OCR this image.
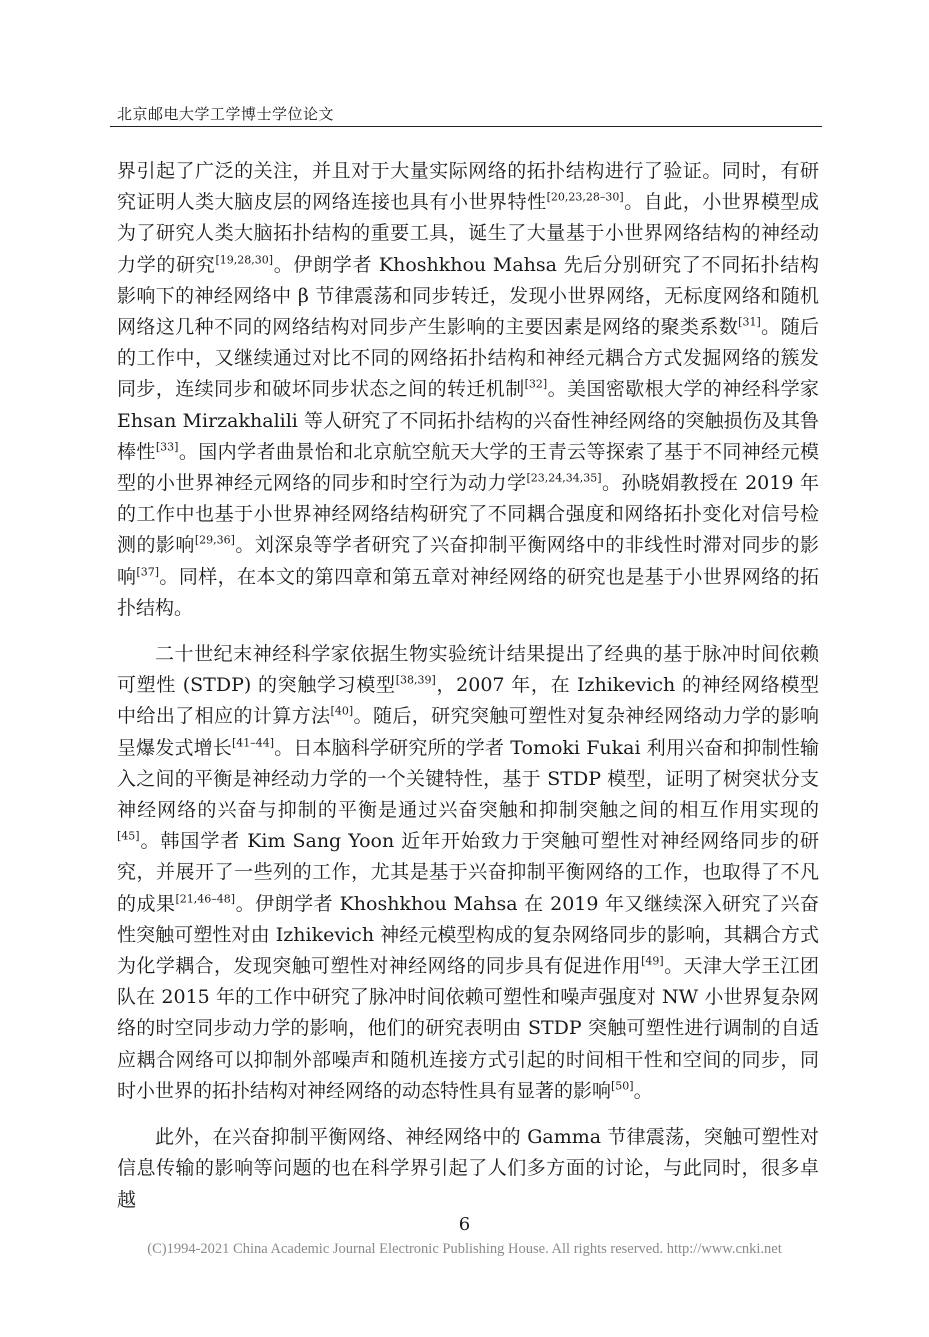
北京邮电大学工学博士学位论文

界引起了广泛的关注，并且对于大量实际网络的拓扑结构进行了验证。同时，有研究证明人类大脑皮层的网络连接也具有小世界特性[20,23,28–30]。自此，小世界模型成为了研究人类大脑拓扑结构的重要工具，诞生了大量基于小世界网络结构的神经动力学的研究[19,28,30]。伊朗学者 Khoshkhou Mahsa 先后分别研究了不同拓扑结构影响下的神经网络中 β 节律震荡和同步转迁，发现小世界网络，无标度网络和随机网络这几种不同的网络结构对同步产生影响的主要因素是网络的聚类系数[31]。随后的工作中，又继续通过对比不同的网络拓扑结构和神经元耦合方式发掘网络的簇发同步，连续同步和破坏同步状态之间的转迁机制[32]。美国密歇根大学的神经科学家 Ehsan Mirzakhalili 等人研究了不同拓扑结构的兴奋性神经网络的突触损伤及其鲁棒性[33]。国内学者曲景怡和北京航空航天大学的王青云等探索了基于不同神经元模型的小世界神经元网络的同步和时空行为动力学[23,24,34,35]。孙晓娟教授在 2019 年的工作中也基于小世界神经网络结构研究了不同耦合强度和网络拓扑变化对信号检测的影响[29,36]。刘深泉等学者研究了兴奋抑制平衡网络中的非线性时滞对同步的影响[37]。同样，在本文的第四章和第五章对神经网络的研究也是基于小世界网络的拓扑结构。

二十世纪末神经科学家依据生物实验统计结果提出了经典的基于脉冲时间依赖可塑性 (STDP) 的突触学习模型[38,39]，2007 年，在 Izhikevich 的神经网络模型中给出了相应的计算方法[40]。随后，研究突触可塑性对复杂神经网络动力学的影响呈爆发式增长[41–44]。日本脑科学研究所的学者 Tomoki Fukai 利用兴奋和抑制性输入之间的平衡是神经动力学的一个关键特性，基于 STDP 模型，证明了树突状分支神经网络的兴奋与抑制的平衡是通过兴奋突触和抑制突触之间的相互作用实现的[45]。韩国学者 Kim Sang Yoon 近年开始致力于突触可塑性对神经网络同步的研究，并展开了一些列的工作，尤其是基于兴奋抑制平衡网络的工作，也取得了不凡的成果[21,46–48]。伊朗学者 Khoshkhou Mahsa 在 2019 年又继续深入研究了兴奋性突触可塑性对由 Izhikevich 神经元模型构成的复杂网络同步的影响，其耦合方式为化学耦合，发现突触可塑性对神经网络的同步具有促进作用[49]。天津大学王江团队在 2015 年的工作中研究了脉冲时间依赖可塑性和噪声强度对 NW 小世界复杂网络的时空同步动力学的影响，他们的研究表明由 STDP 突触可塑性进行调制的自适应耦合网络可以抑制外部噪声和随机连接方式引起的时间相干性和空间的同步，同时小世界的拓扑结构对神经网络的动态特性具有显著的影响[50]。

此外，在兴奋抑制平衡网络、神经网络中的 Gamma 节律震荡，突触可塑性对信息传输的影响等问题的也在科学界引起了人们多方面的讨论，与此同时，很多卓越

6
(C)1994-2021 China Academic Journal Electronic Publishing House. All rights reserved. http://www.cnki.net
